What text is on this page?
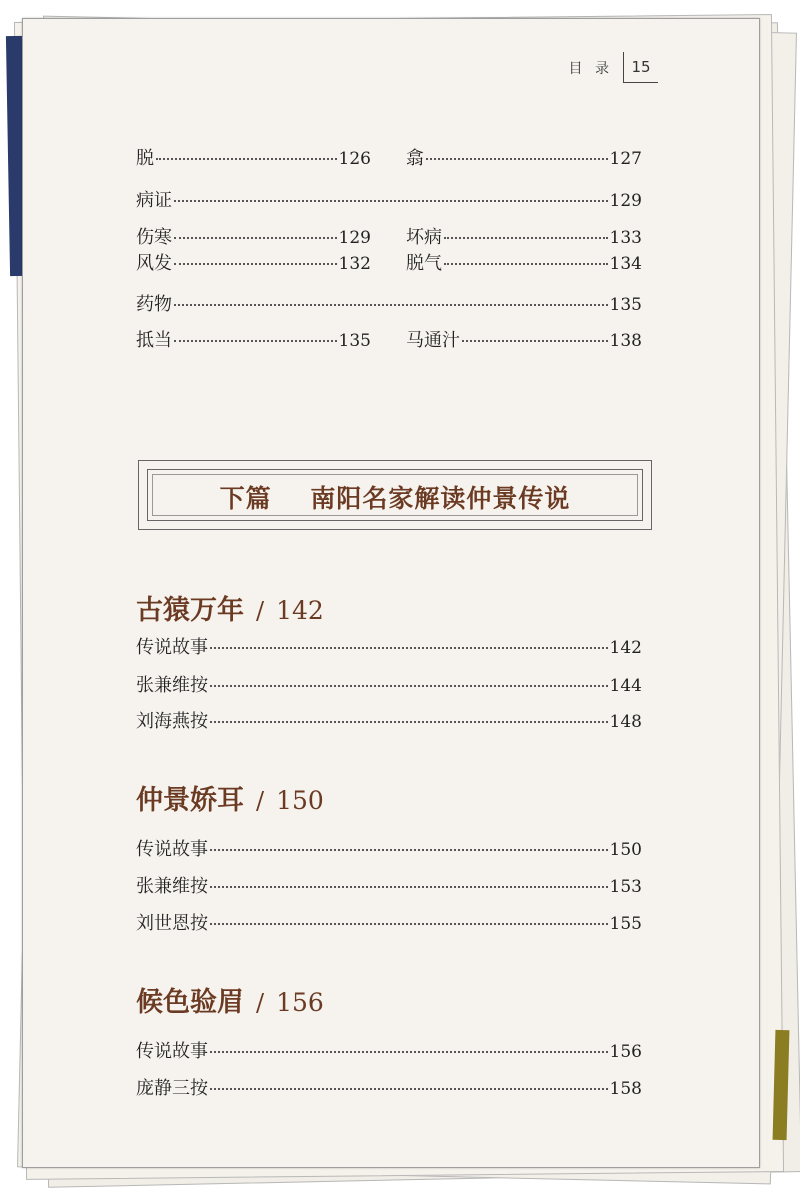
目 录	15
脱	126 翕	127
病证	129
伤寒	129 坏病	133
风发	132 脱气	134
药物	135
抵当	135 马通汁	138
下篇    南阳名家解读仲景传说
古猿万年 / 142
传说故事	142
张兼维按	144
刘海燕按	148
仲景娇耳 / 150
传说故事	150
张兼维按	153
刘世恩按	155
候色验眉 / 156
传说故事	156
庞静三按	158
